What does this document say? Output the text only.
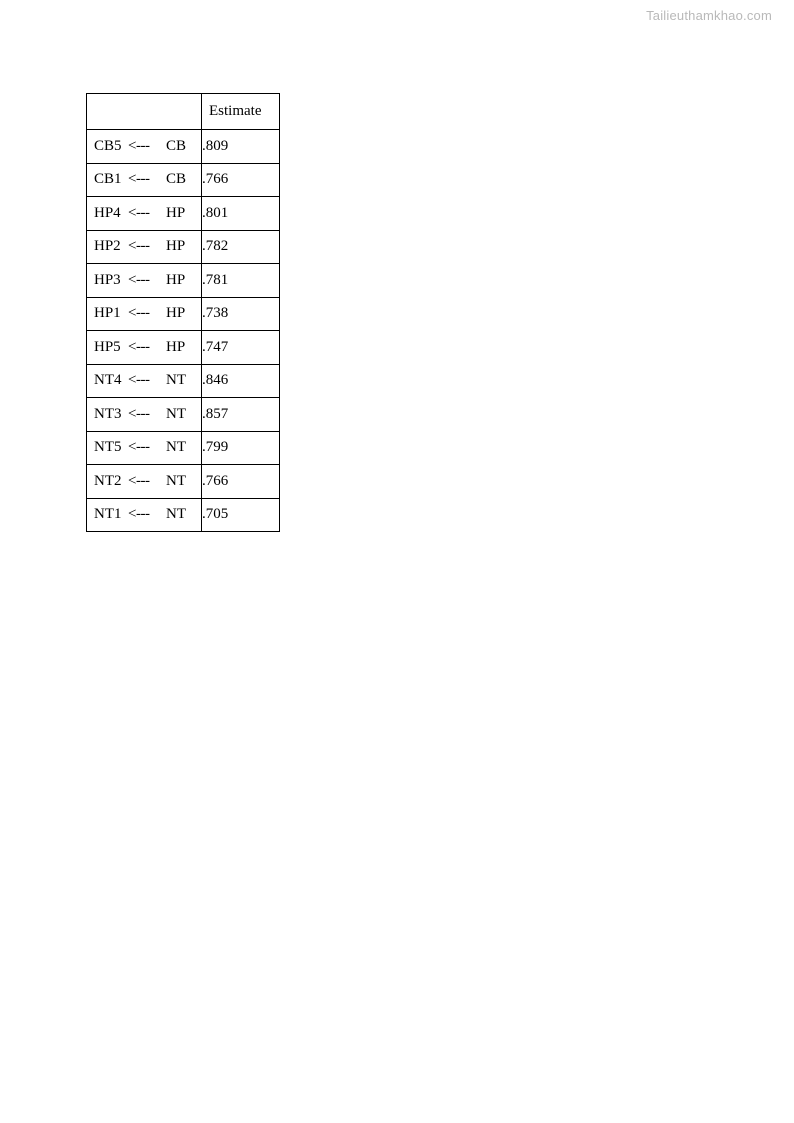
Tailieuthamkhao.com
	Estimate

CB5 <--- CB	.809

CB1 <--- CB	.766

HP4 <--- HP	.801

HP2 <--- HP	.782

HP3 <--- HP	.781

HP1 <--- HP	.738

HP5 <--- HP	.747

NT4 <--- NT	.846

NT3 <--- NT	.857

NT5 <--- NT	.799

NT2 <--- NT	.766

NT1 <--- NT	.705
